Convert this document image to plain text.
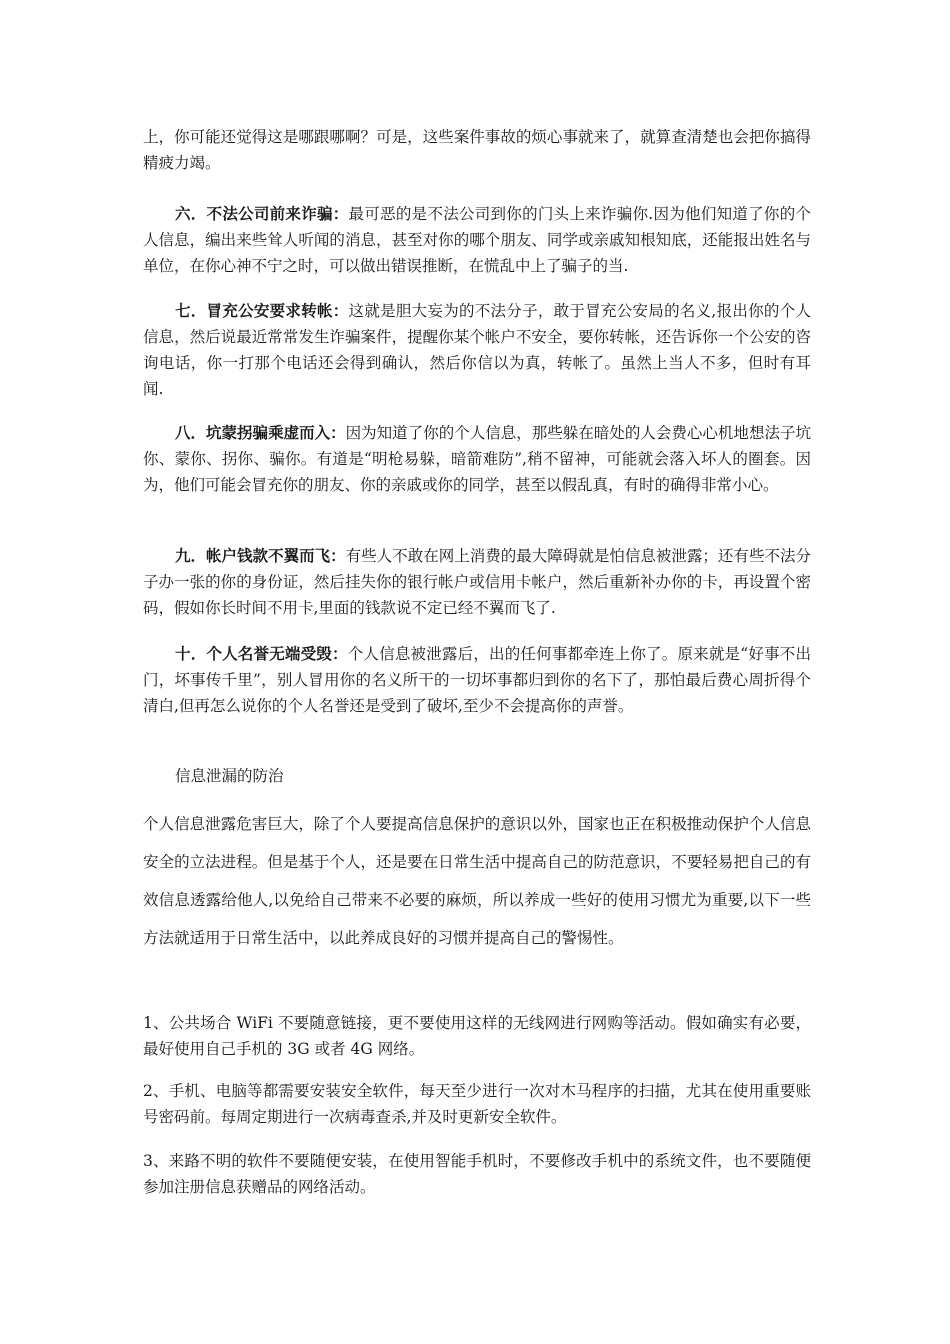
上，你可能还觉得这是哪跟哪啊？可是，这些案件事故的烦心事就来了，就算查清楚也会把你搞得精疲力竭。

六．不法公司前来诈骗：最可恶的是不法公司到你的门头上来诈骗你.因为他们知道了你的个人信息，编出来些耸人听闻的消息，甚至对你的哪个朋友、同学或亲戚知根知底，还能报出姓名与单位，在你心神不宁之时，可以做出错误推断，在慌乱中上了骗子的当.

七．冒充公安要求转帐：这就是胆大妄为的不法分子，敢于冒充公安局的名义,报出你的个人信息，然后说最近常常发生诈骗案件，提醒你某个帐户不安全，要你转帐，还告诉你一个公安的咨询电话，你一打那个电话还会得到确认，然后你信以为真，转帐了。虽然上当人不多，但时有耳闻.

八．坑蒙拐骗乘虚而入：因为知道了你的个人信息，那些躲在暗处的人会费心心机地想法子坑你、蒙你、拐你、骗你。有道是“明枪易躲，暗箭难防”,稍不留神，可能就会落入坏人的圈套。因为，他们可能会冒充你的朋友、你的亲戚或你的同学，甚至以假乱真，有时的确得非常小心。

九．帐户钱款不翼而飞：有些人不敢在网上消费的最大障碍就是怕信息被泄露；还有些不法分子办一张的你的身份证，然后挂失你的银行帐户或信用卡帐户，然后重新补办你的卡，再设置个密码，假如你长时间不用卡,里面的钱款说不定已经不翼而飞了.

十．个人名誉无端受毁：个人信息被泄露后，出的任何事都牵连上你了。原来就是“好事不出门，坏事传千里”，别人冒用你的名义所干的一切坏事都归到你的名下了，那怕最后费心周折得个清白,但再怎么说你的个人名誉还是受到了破坏,至少不会提高你的声誉。

信息泄漏的防治

个人信息泄露危害巨大，除了个人要提高信息保护的意识以外，国家也正在积极推动保护个人信息安全的立法进程。但是基于个人，还是要在日常生活中提高自己的防范意识，不要轻易把自己的有效信息透露给他人,以免给自己带来不必要的麻烦，所以养成一些好的使用习惯尤为重要,以下一些方法就适用于日常生活中，以此养成良好的习惯并提高自己的警惕性。

1、公共场合 WiFi 不要随意链接，更不要使用这样的无线网进行网购等活动。假如确实有必要，最好使用自己手机的 3G 或者 4G 网络。

2、手机、电脑等都需要安装安全软件，每天至少进行一次对木马程序的扫描，尤其在使用重要账号密码前。每周定期进行一次病毒查杀,并及时更新安全软件。

3、来路不明的软件不要随便安装，在使用智能手机时，不要修改手机中的系统文件，也不要随便参加注册信息获赠品的网络活动。
